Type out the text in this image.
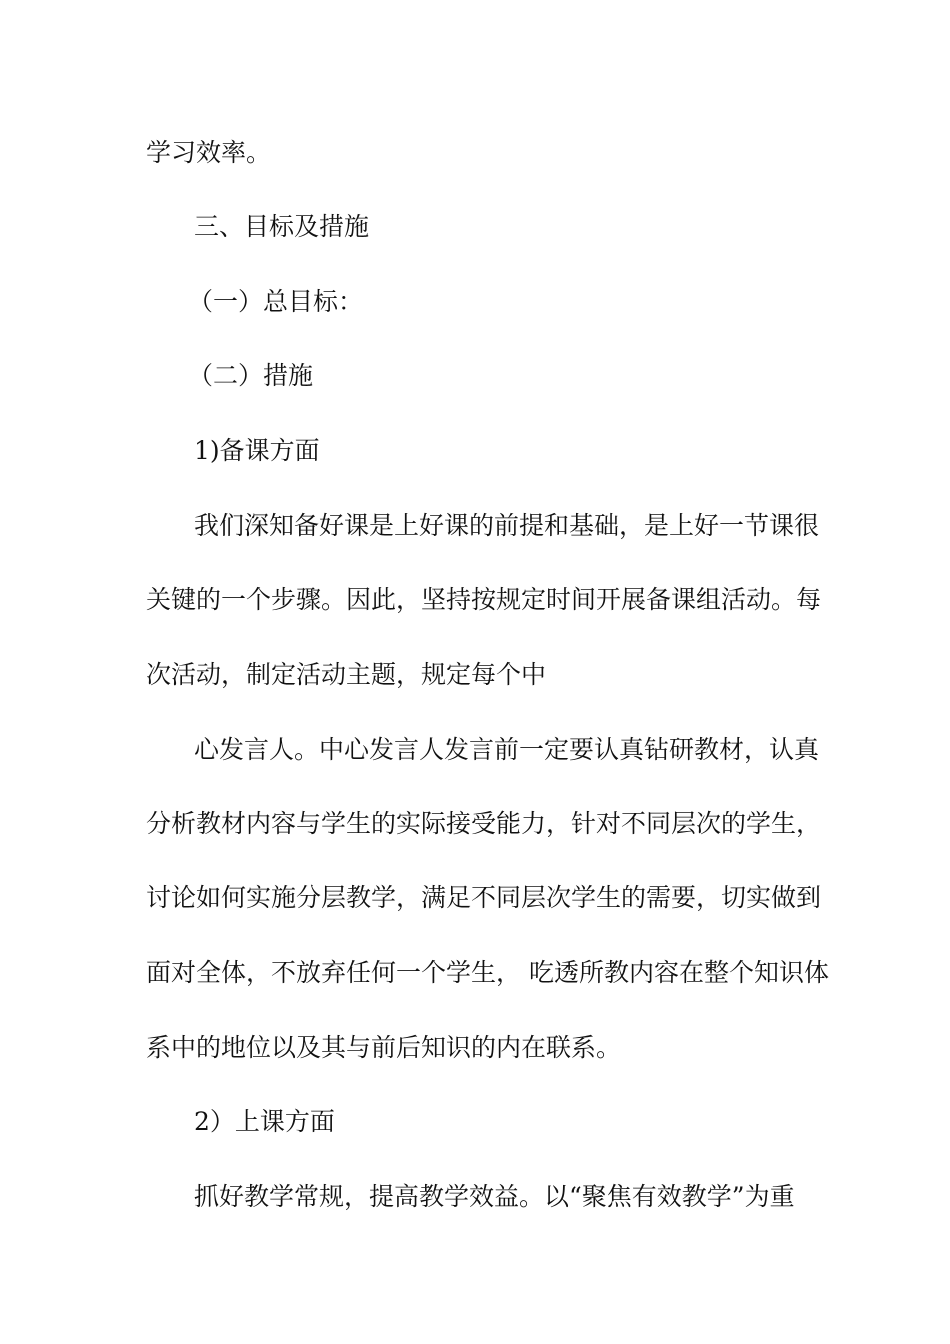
学习效率。
三、目标及措施
（一）总目标：
（二）措施
1)备课方面
我们深知备好课是上好课的前提和基础，是上好一节课很
关键的一个步骤。因此，坚持按规定时间开展备课组活动。每
次活动，制定活动主题，规定每个中
心发言人。中心发言人发言前一定要认真钻研教材，认真
分析教材内容与学生的实际接受能力，针对不同层次的学生，
讨论如何实施分层教学，满足不同层次学生的需要，切实做到
面对全体，不放弃任何一个学生， 吃透所教内容在整个知识体
系中的地位以及其与前后知识的内在联系。
2）上课方面
抓好教学常规，提高教学效益。以“聚焦有效教学”为重
